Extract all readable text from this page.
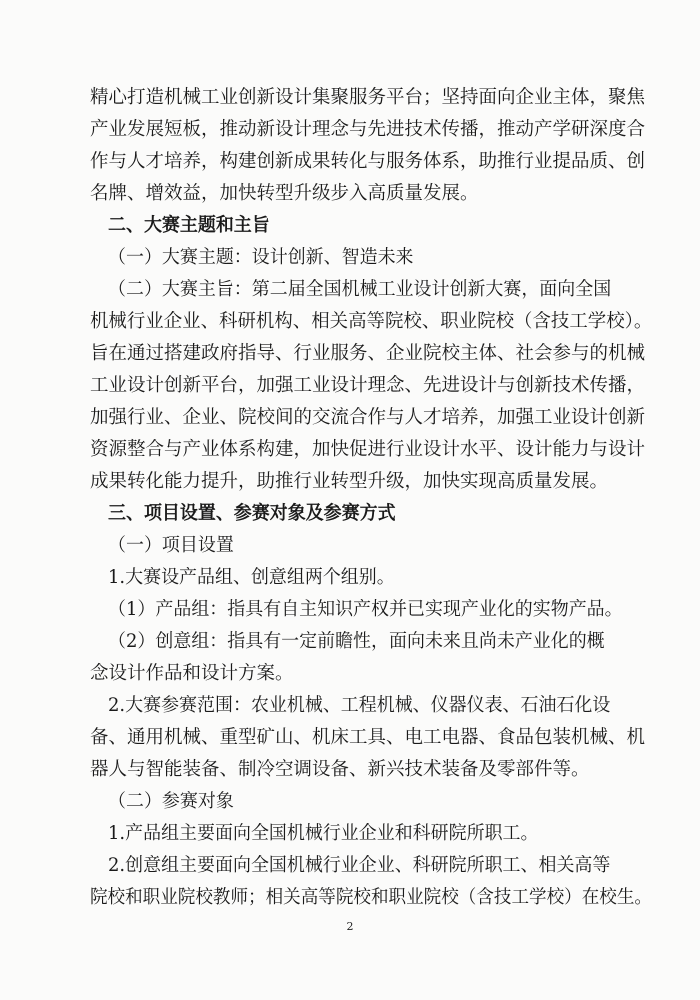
精心打造机械工业创新设计集聚服务平台；坚持面向企业主体，聚焦
产业发展短板，推动新设计理念与先进技术传播，推动产学研深度合
作与人才培养，构建创新成果转化与服务体系，助推行业提品质、创
名牌、增效益，加快转型升级步入高质量发展。
二、大赛主题和主旨
（一）大赛主题：设计创新、智造未来
（二）大赛主旨：第二届全国机械工业设计创新大赛，面向全国
机械行业企业、科研机构、相关高等院校、职业院校（含技工学校）。
旨在通过搭建政府指导、行业服务、企业院校主体、社会参与的机械
工业设计创新平台，加强工业设计理念、先进设计与创新技术传播，
加强行业、企业、院校间的交流合作与人才培养，加强工业设计创新
资源整合与产业体系构建，加快促进行业设计水平、设计能力与设计
成果转化能力提升，助推行业转型升级，加快实现高质量发展。
三、项目设置、参赛对象及参赛方式
（一）项目设置
1.大赛设产品组、创意组两个组别。
（1）产品组：指具有自主知识产权并已实现产业化的实物产品。
（2）创意组：指具有一定前瞻性，面向未来且尚未产业化的概
念设计作品和设计方案。
2.大赛参赛范围：农业机械、工程机械、仪器仪表、石油石化设
备、通用机械、重型矿山、机床工具、电工电器、食品包装机械、机
器人与智能装备、制冷空调设备、新兴技术装备及零部件等。
（二）参赛对象
1.产品组主要面向全国机械行业企业和科研院所职工。
2.创意组主要面向全国机械行业企业、科研院所职工、相关高等
院校和职业院校教师；相关高等院校和职业院校（含技工学校）在校生。
2
